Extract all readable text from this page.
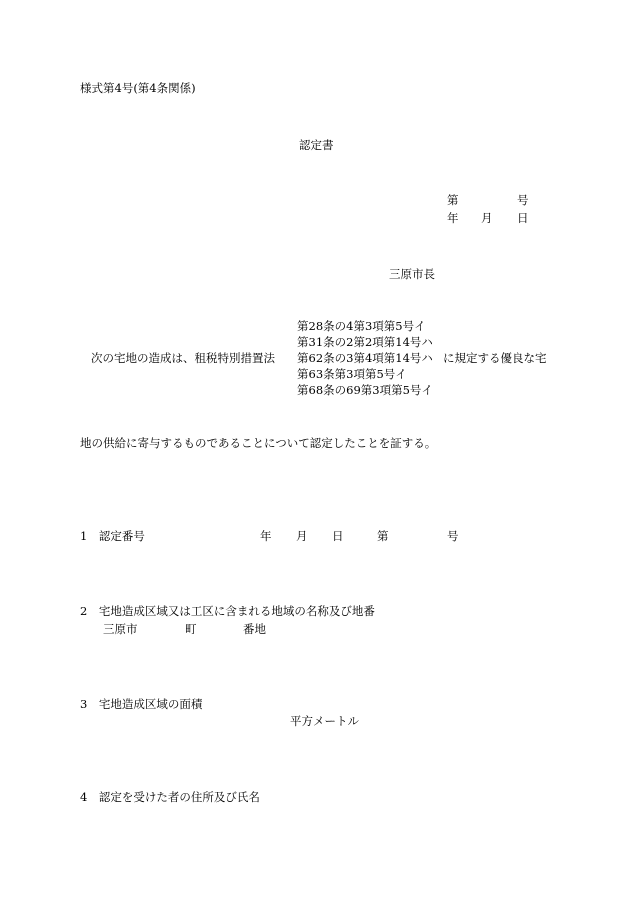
様式第4号(第4条関係)
認定書
第	号
年 月 日
三原市長
次の宅地の造成は、租税特別措置法
第28条の4第3項第5号イ
第31条の2第2項第14号ハ
第62条の3第4項第14号ハ
第63条第3項第5号イ
第68条の69第3項第5号イ
に規定する優良な宅
地の供給に寄与するものであることについて認定したことを証する。
1　認定番号	年 月 日	第	号
2　宅地造成区域又は工区に含まれる地域の名称及び地番
三原市	町	番地
3　宅地造成区域の面積
平方メートル
4　認定を受けた者の住所及び氏名
